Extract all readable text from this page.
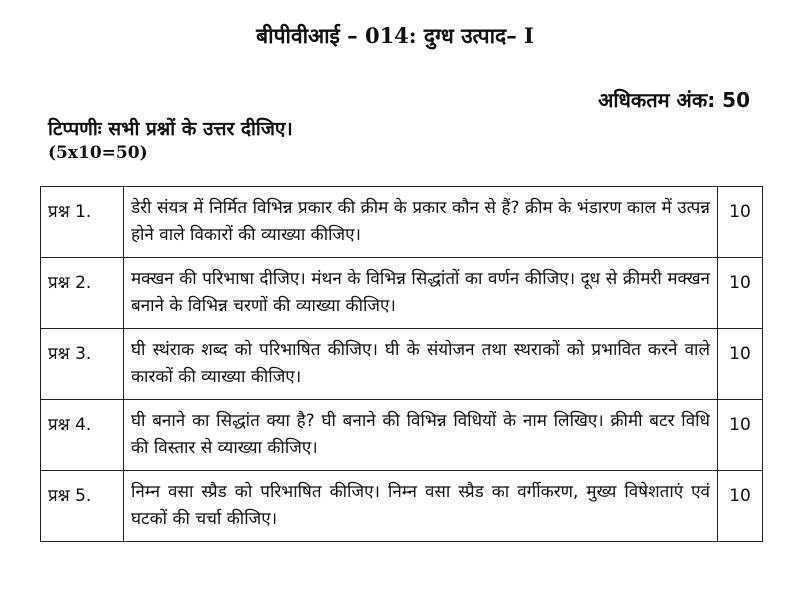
बीपीवीआई – 014: दुग्ध उत्पाद– I
अधिकतम अंक: 50
टिप्पणीः सभी प्रश्नों के उत्तर दीजिए।
(5x10=50)
प्रश्न 1.	डेरी संयत्र में निर्मित विभिन्न प्रकार की क्रीम के प्रकार कौन से हैं? क्रीम के भंडारण काल में उत्पन्न होने वाले विकारों की व्याख्या कीजिए।	10
प्रश्न 2.	मक्खन की परिभाषा दीजिए। मंथन के विभिन्न सिद्धांतों का वर्णन कीजिए। दूध से क्रीमरी मक्खन बनाने के विभिन्न चरणों की व्याख्या कीजिए।	10
प्रश्न 3.	घी स्थंराक शब्द को परिभाषित कीजिए। घी के संयोजन तथा स्थराकों को प्रभावित करने वाले कारकों की व्याख्या कीजिए।	10
प्रश्न 4.	घी बनाने का सिद्धांत क्या है? घी बनाने की विभिन्न विधियों के नाम लिखिए। क्रीमी बटर विधि की विस्तार से व्याख्या कीजिए।	10
प्रश्न 5.	निम्न वसा स्प्रैड को परिभाषित कीजिए। निम्न वसा स्प्रैड का वर्गीकरण, मुख्य विषेशताएं एवं घटकों की चर्चा कीजिए।	10
